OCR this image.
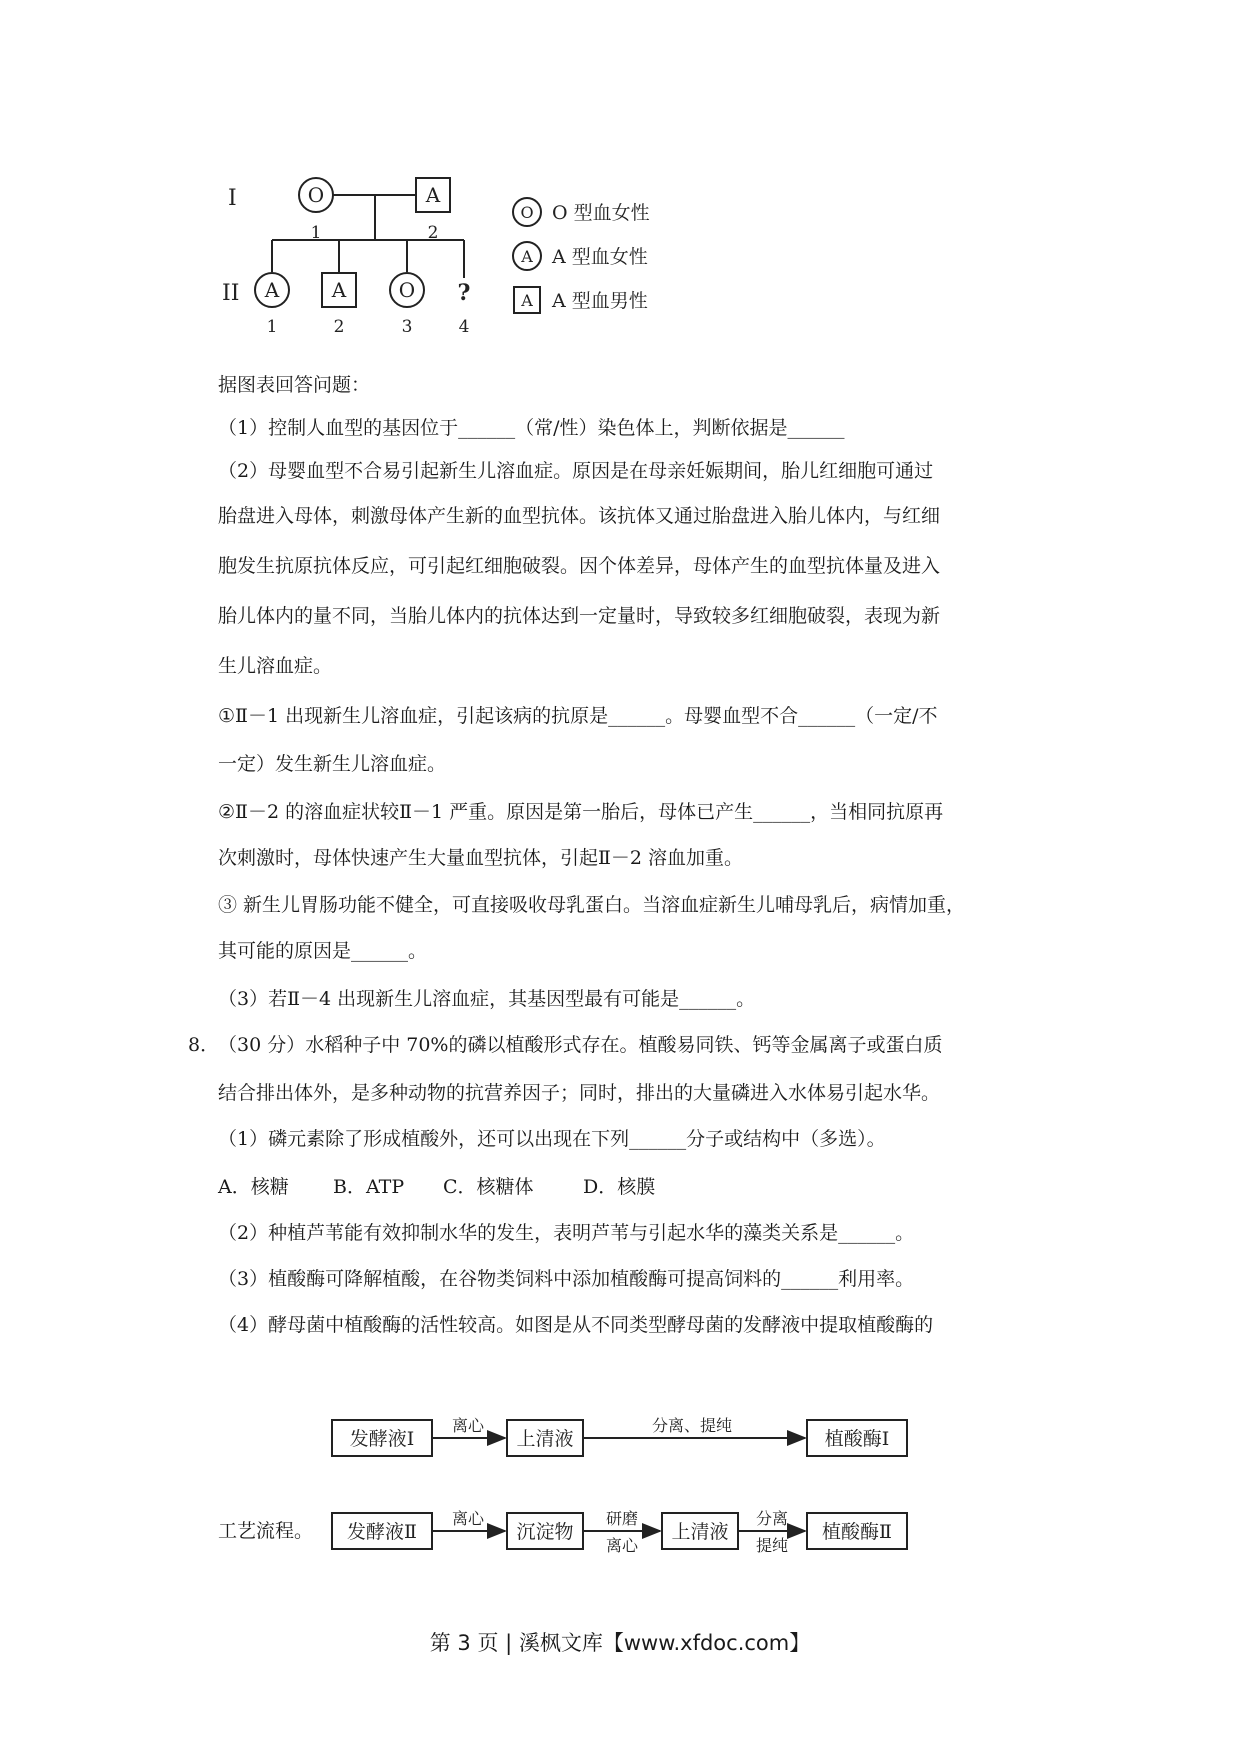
I
II
O
1
A
2
A
1
A
2
O
3
?
4
O O 型血女性
A A 型血女性
A A 型血男性
据图表回答问题：
（1）控制人血型的基因位于______（常/性）染色体上，判断依据是______
（2）母婴血型不合易引起新生儿溶血症。原因是在母亲妊娠期间，胎儿红细胞可通过
胎盘进入母体，刺激母体产生新的血型抗体。该抗体又通过胎盘进入胎儿体内，与红细
胞发生抗原抗体反应，可引起红细胞破裂。因个体差异，母体产生的血型抗体量及进入
胎儿体内的量不同，当胎儿体内的抗体达到一定量时，导致较多红细胞破裂，表现为新
生儿溶血症。
①Ⅱ－1 出现新生儿溶血症，引起该病的抗原是______。母婴血型不合______（一定/不
一定）发生新生儿溶血症。
②Ⅱ－2 的溶血症状较Ⅱ－1 严重。原因是第一胎后，母体已产生______，当相同抗原再
次刺激时，母体快速产生大量血型抗体，引起Ⅱ－2 溶血加重。
③ 新生儿胃肠功能不健全，可直接吸收母乳蛋白。当溶血症新生儿哺母乳后，病情加重，
其可能的原因是______。
（3）若Ⅱ－4 出现新生儿溶血症，其基因型最有可能是______。
8．
（30 分）水稻种子中 70%的磷以植酸形式存在。植酸易同铁、钙等金属离子或蛋白质
结合排出体外，是多种动物的抗营养因子；同时，排出的大量磷进入水体易引起水华。
（1）磷元素除了形成植酸外，还可以出现在下列______分子或结构中（多选）。
A．核糖 B．ATP C．核糖体	D．核膜
（2）种植芦苇能有效抑制水华的发生，表明芦苇与引起水华的藻类关系是______。
（3）植酸酶可降解植酸，在谷物类饲料中添加植酸酶可提高饲料的______利用率。
（4）酵母菌中植酸酶的活性较高。如图是从不同类型酵母菌的发酵液中提取植酸酶的
发酵液Ⅰ	上清液	植酸酶Ⅰ
离心	分离、提纯
发酵液Ⅱ	沉淀物	上清液	植酸酶Ⅱ
离心	研磨
离心
分离
提纯
工艺流程。
第 3 页 | 溪枫文库【www.xfdoc.com】
